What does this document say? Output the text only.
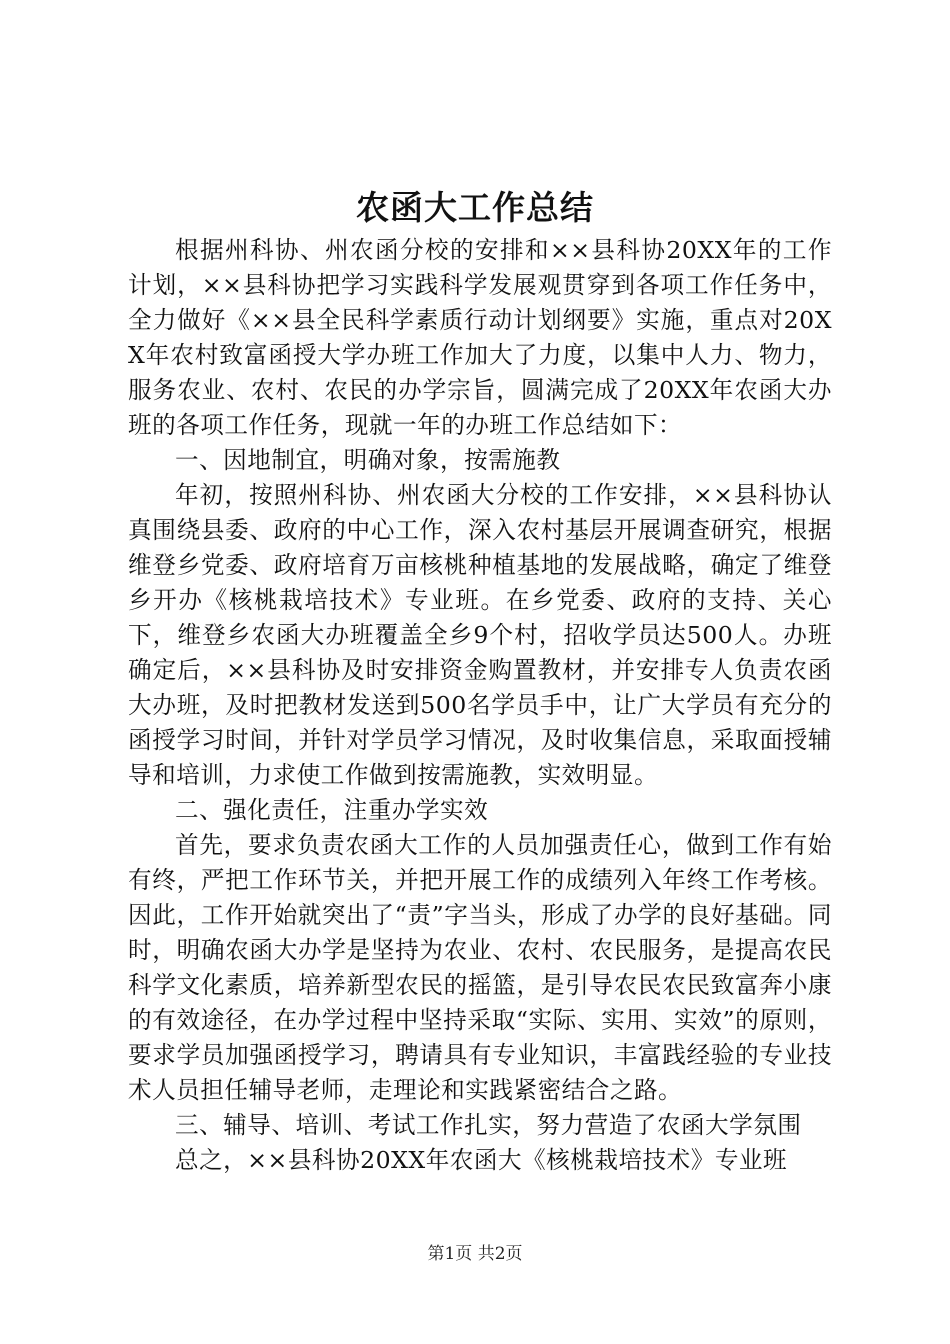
农函大工作总结

根据州科协、州农函分校的安排和××县科协20XX年的工作计划，××县科协把学习实践科学发展观贯穿到各项工作任务中，全力做好《××县全民科学素质行动计划纲要》实施，重点对20XX年农村致富函授大学办班工作加大了力度，以集中人力、物力，服务农业、农村、农民的办学宗旨，圆满完成了20XX年农函大办班的各项工作任务，现就一年的办班工作总结如下：

一、因地制宜，明确对象，按需施教

年初，按照州科协、州农函大分校的工作安排，××县科协认真围绕县委、政府的中心工作，深入农村基层开展调查研究，根据维登乡党委、政府培育万亩核桃种植基地的发展战略，确定了维登乡开办《核桃栽培技术》专业班。在乡党委、政府的支持、关心下，维登乡农函大办班覆盖全乡9个村，招收学员达500人。办班确定后，××县科协及时安排资金购置教材，并安排专人负责农函大办班，及时把教材发送到500名学员手中，让广大学员有充分的函授学习时间，并针对学员学习情况，及时收集信息，采取面授辅导和培训，力求使工作做到按需施教，实效明显。

二、强化责任，注重办学实效

首先，要求负责农函大工作的人员加强责任心，做到工作有始有终，严把工作环节关，并把开展工作的成绩列入年终工作考核。因此，工作开始就突出了“责”字当头，形成了办学的良好基础。同时，明确农函大办学是坚持为农业、农村、农民服务，是提高农民科学文化素质，培养新型农民的摇篮，是引导农民农民致富奔小康的有效途径，在办学过程中坚持采取“实际、实用、实效”的原则，要求学员加强函授学习，聘请具有专业知识，丰富践经验的专业技术人员担任辅导老师，走理论和实践紧密结合之路。

三、辅导、培训、考试工作扎实，努力营造了农函大学氛围

总之，××县科协20XX年农函大《核桃栽培技术》专业班

第1页 共2页
